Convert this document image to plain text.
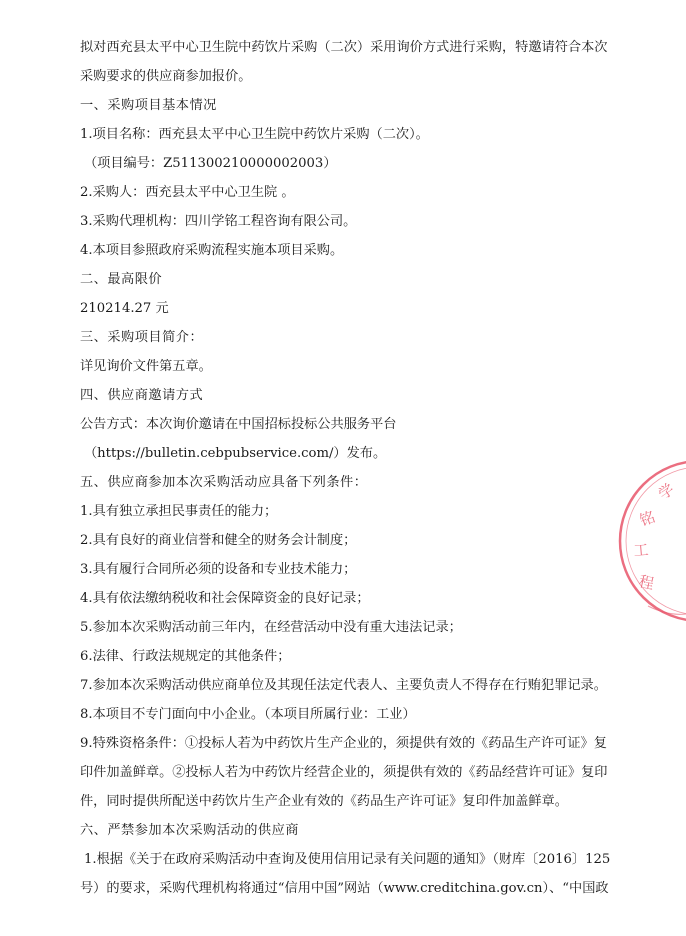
拟对西充县太平中心卫生院中药饮片采购（二次）采用询价方式进行采购，特邀请符合本次

采购要求的供应商参加报价。

一、采购项目基本情况

1.项目名称：西充县太平中心卫生院中药饮片采购（二次）。

（项目编号：Z511300210000002003）

2.采购人：西充县太平中心卫生院 。

3.采购代理机构：四川学铭工程咨询有限公司。

4.本项目参照政府采购流程实施本项目采购。

二、最高限价

210214.27 元

三、采购项目简介：

详见询价文件第五章。

四、供应商邀请方式

公告方式：本次询价邀请在中国招标投标公共服务平台

（https://bulletin.cebpubservice.com/）发布。

五、供应商参加本次采购活动应具备下列条件：

1.具有独立承担民事责任的能力；

2.具有良好的商业信誉和健全的财务会计制度；

3.具有履行合同所必须的设备和专业技术能力；

4.具有依法缴纳税收和社会保障资金的良好记录；

5.参加本次采购活动前三年内，在经营活动中没有重大违法记录；

6.法律、行政法规规定的其他条件；

7.参加本次采购活动供应商单位及其现任法定代表人、主要负责人不得存在行贿犯罪记录。

8.本项目不专门面向中小企业。（本项目所属行业：工业）

9.特殊资格条件：①投标人若为中药饮片生产企业的，须提供有效的《药品生产许可证》复

印件加盖鲜章。②投标人若为中药饮片经营企业的，须提供有效的《药品经营许可证》复印

件，同时提供所配送中药饮片生产企业有效的《药品生产许可证》复印件加盖鲜章。

六、严禁参加本次采购活动的供应商

1.根据《关于在政府采购活动中查询及使用信用记录有关问题的通知》（财库〔2016〕125

号）的要求，采购代理机构将通过“信用中国”网站（www.creditchina.gov.cn）、“中国政

学
铭
工
程
